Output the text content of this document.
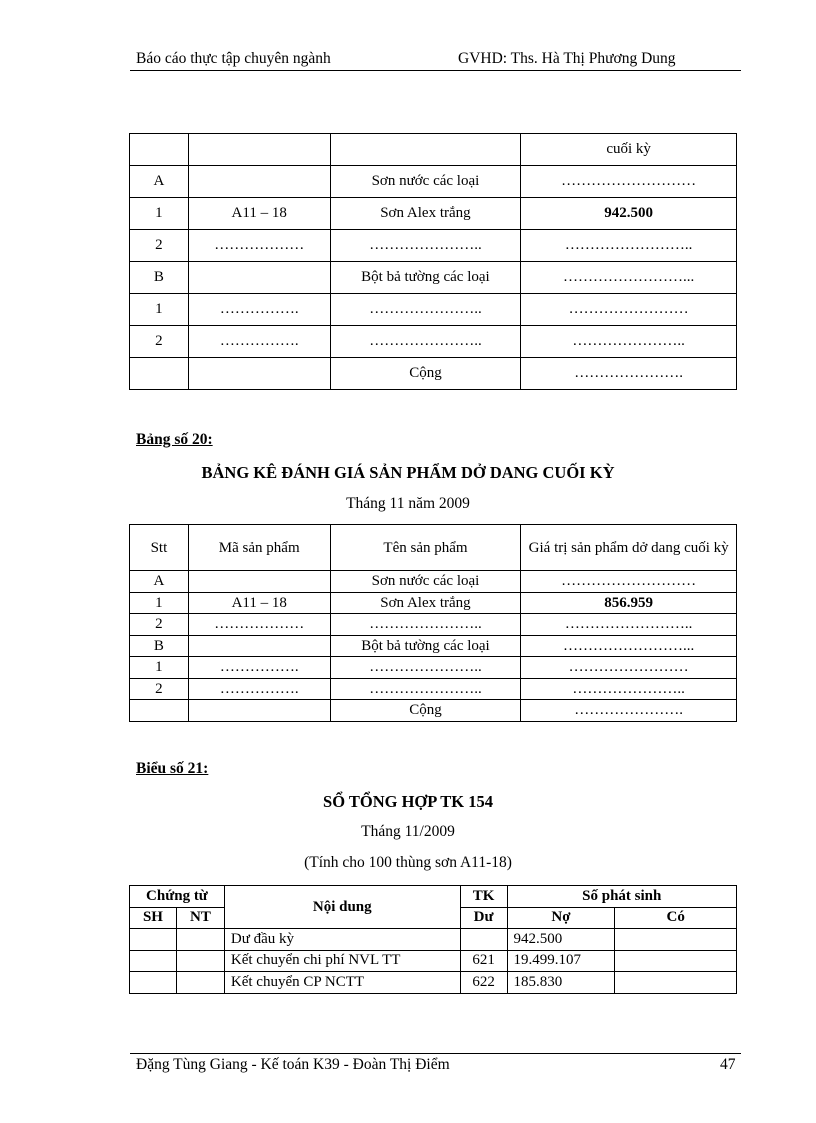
Báo cáo thực tập chuyên ngành	GVHD: Ths. Hà Thị Phương Dung
			cuối kỳ
A		Sơn nước các loại	………………………
1	A11 – 18	Sơn Alex trắng	942.500
2	………………	…………………..	……………………..
B		Bột bả tường các loại	……………………...
1	…………….	…………………..	……………………
2	…………….	…………………..	…………………..
		Cộng	………………….
Bảng số 20:
BẢNG KÊ ĐÁNH GIÁ SẢN PHẨM DỞ DANG CUỐI KỲ
Tháng 11 năm 2009
Stt	Mã sản phẩm	Tên sản phẩm	Giá trị sản phẩm dở dang cuối kỳ
A		Sơn nước các loại	………………………
1	A11 – 18	Sơn Alex trắng	856.959
2	………………	…………………..	……………………..
B		Bột bả tường các loại	……………………...
1	…………….	…………………..	……………………
2	…………….	…………………..	…………………..
		Cộng	………………….
Biểu số 21:
SỔ TỔNG HỢP TK 154
Tháng 11/2009
(Tính cho 100 thùng sơn A11-18)
Chứng từ		Nội dung	TK	Số phát sinh	
SH	NT		Dư	Nợ	Có
		Dư đầu kỳ		942.500	
		Kết chuyển chi phí NVL TT	621	19.499.107	
		Kết chuyển CP NCTT	622	185.830	
Đặng Tùng Giang - Kế toán K39 - Đoàn Thị Điểm	47
